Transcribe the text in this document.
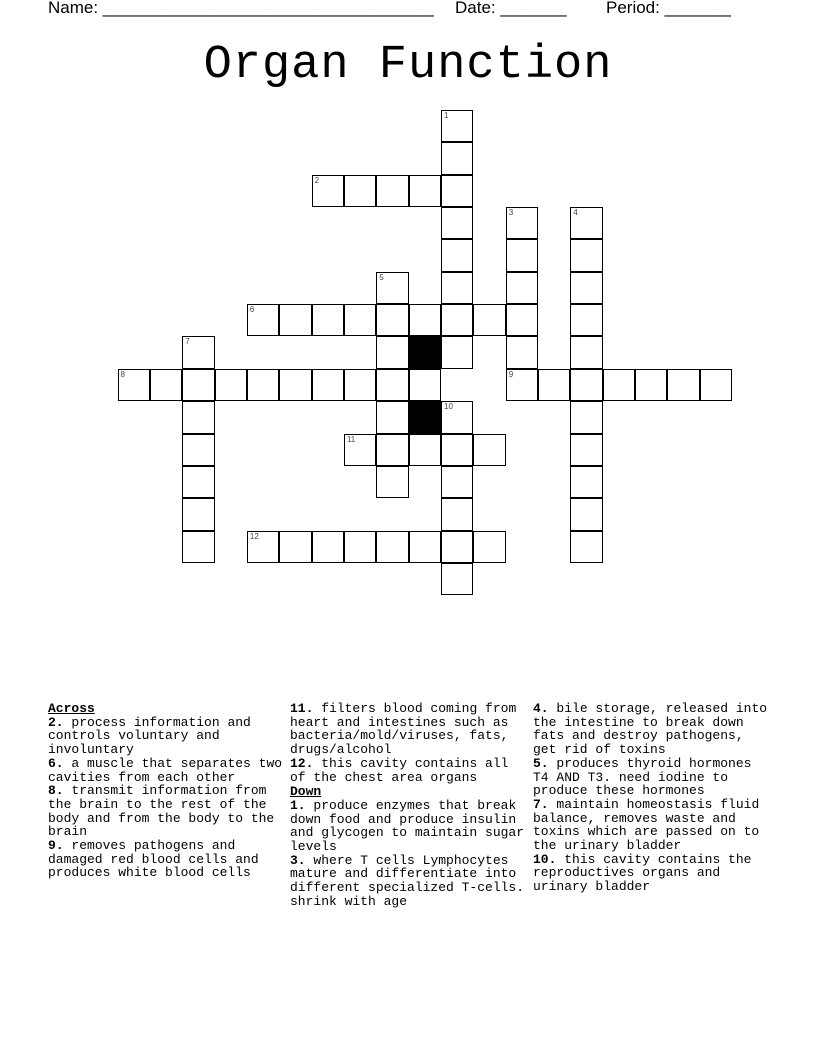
Name: ___________________________________ Date: _______ Period: _______
Organ Function
1
2
3	4
5
6
7
8	9
10
11
12
Across
2. process information and controls voluntary and involuntary
6. a muscle that separates two cavities from each other
8. transmit information from the brain to the rest of the body and from the body to the brain
9. removes pathogens and damaged red blood cells and produces white blood cells
11. filters blood coming from heart and intestines such as bacteria/mold/viruses, fats, drugs/alcohol
12. this cavity contains all of the chest area organs
Down
1. produce enzymes that break down food and produce insulin and glycogen to maintain sugar levels
3. where T cells Lymphocytes mature and differentiate into different specialized T-cells. shrink with age
4. bile storage, released into the intestine to break down fats and destroy pathogens, get rid of toxins
5. produces thyroid hormones T4 AND T3. need iodine to produce these hormones
7. maintain homeostasis fluid balance, removes waste and toxins which are passed on to the urinary bladder
10. this cavity contains the reproductives organs and urinary bladder
